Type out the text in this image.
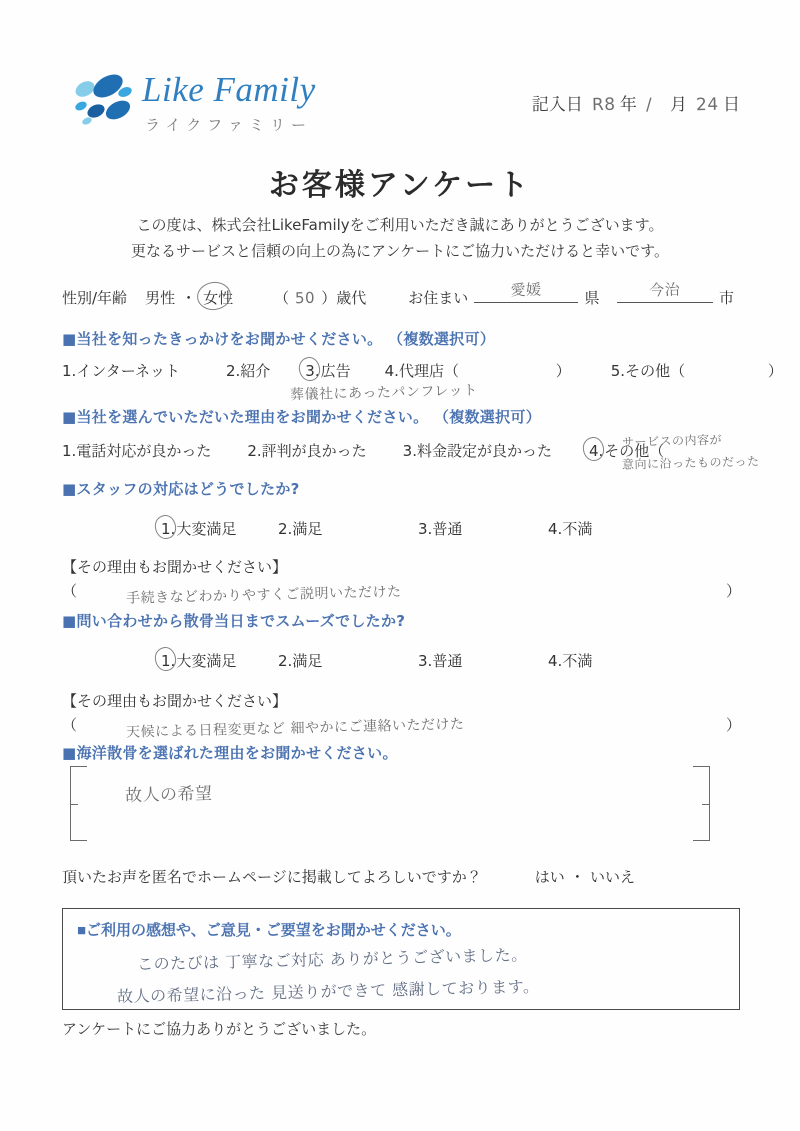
Like Family
ライクファミリー
記入日 R8 年 / 月 24 日
お客様アンケート
この度は、株式会社LikeFamilyをご利用いただき誠にありがとうございます。
更なるサービスと信頼の向上の為にアンケートにご協力いただけると幸いです。
性別/年齢 男性 ・ 女性	（ 50 ）歳代	お住まい	愛媛	県	今治	市
■当社を知ったきっかけをお聞かせください。 （複数選択可）
1.インターネット	2.紹介 3.広告 4.代理店（	）	5.その他（	）
葬儀社にあったパンフレット
■当社を選んでいただいた理由をお聞かせください。 （複数選択可）
1.電話対応が良かった 2.評判が良かった 3.料金設定が良かった 4.その他（
サービスの内容が 意向に沿ったものだった
■スタッフの対応はどうでしたか?
1.大変満足	2.満足	3.普通	4.不満
【その理由もお聞かせください】
（	手続きなどわかりやすくご説明いただけた	）
■問い合わせから散骨当日までスムーズでしたか?
1.大変満足	2.満足	3.普通	4.不満
【その理由もお聞かせください】
（	天候による日程変更など 細やかにご連絡いただけた	）
■海洋散骨を選ばれた理由をお聞かせください。
故人の希望
頂いたお声を匿名でホームページに掲載してよろしいですか？	はい ・ いいえ
■ご利用の感想や、ご意見・ご要望をお聞かせください。
このたびは 丁寧なご対応 ありがとうございました。 故人の希望に沿った 見送りができて 感謝しております。
アンケートにご協力ありがとうございました。
